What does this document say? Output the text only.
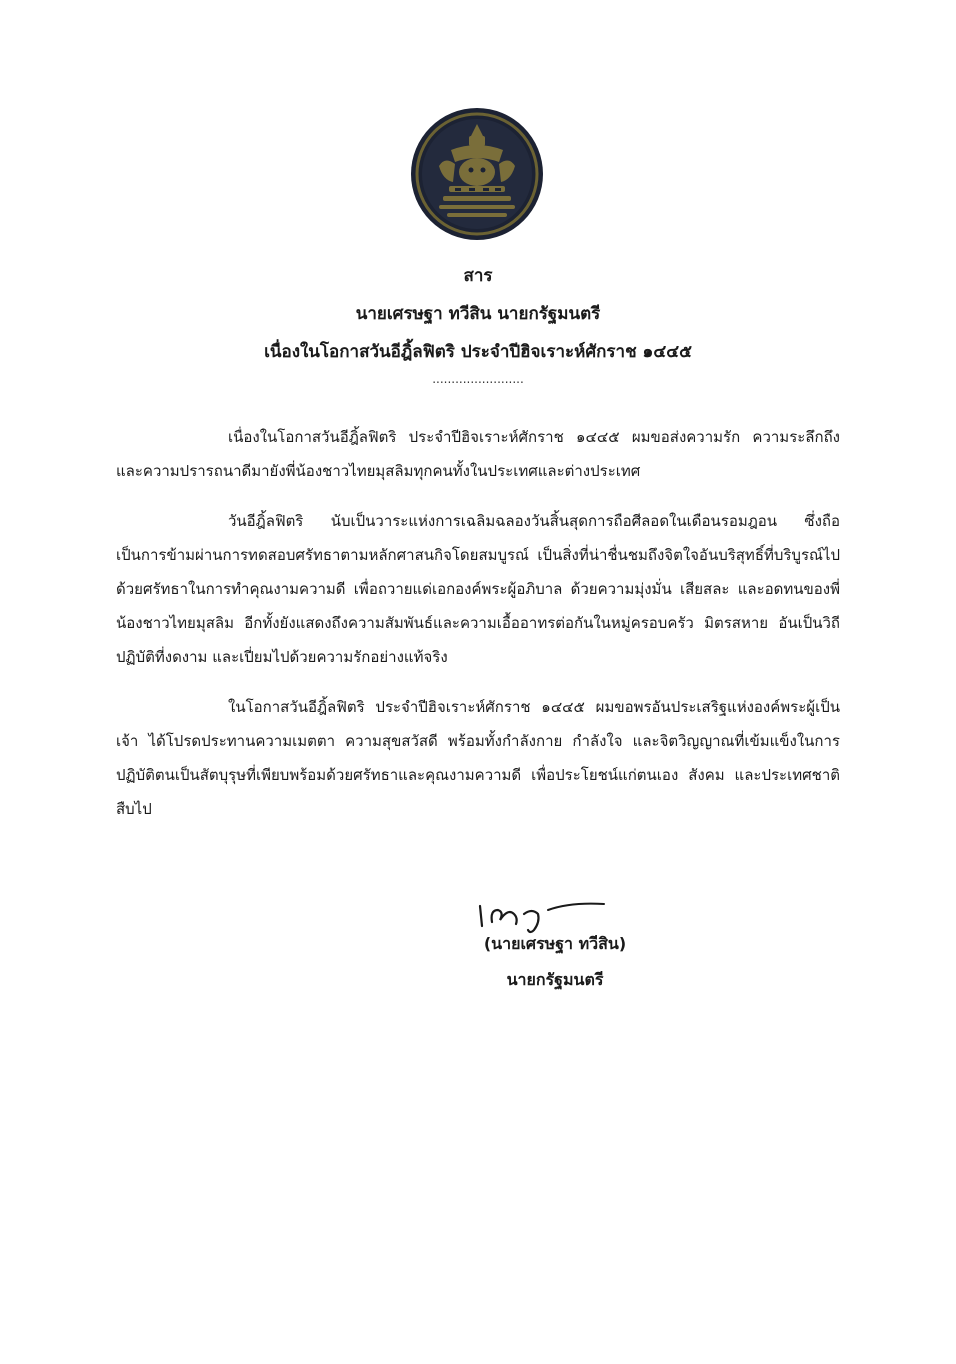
สาร
นายเศรษฐา ทวีสิน นายกรัฐมนตรี
เนื่องในโอกาสวันอีฎิ้ลฟิตริ ประจำปีฮิจเราะห์ศักราช ๑๔๔๕
........................

เนื่องในโอกาสวันอีฎิ้ลฟิตริ ประจำปีฮิจเราะห์ศักราช ๑๔๔๕ ผมขอส่งความรัก ความระลึกถึง และความปรารถนาดีมายังพี่น้องชาวไทยมุสลิมทุกคนทั้งในประเทศและต่างประเทศ

วันอีฎิ้ลฟิตริ นับเป็นวาระแห่งการเฉลิมฉลองวันสิ้นสุดการถือศีลอดในเดือนรอมฎอน ซึ่งถือเป็นการข้ามผ่านการทดสอบศรัทธาตามหลักศาสนกิจโดยสมบูรณ์ เป็นสิ่งที่น่าชื่นชมถึงจิตใจอันบริสุทธิ์ที่บริบูรณ์ไปด้วยศรัทธาในการทำคุณงามความดี เพื่อถวายแด่เอกองค์พระผู้อภิบาล ด้วยความมุ่งมั่น เสียสละ และอดทนของพี่น้องชาวไทยมุสลิม อีกทั้งยังแสดงถึงความสัมพันธ์และความเอื้ออาทรต่อกันในหมู่ครอบครัว มิตรสหาย อันเป็นวิถีปฏิบัติที่งดงาม และเปี่ยมไปด้วยความรักอย่างแท้จริง

ในโอกาสวันอีฎิ้ลฟิตริ ประจำปีฮิจเราะห์ศักราช ๑๔๔๕ ผมขอพรอันประเสริฐแห่งองค์พระผู้เป็นเจ้า ได้โปรดประทานความเมตตา ความสุขสวัสดี พร้อมทั้งกำลังกาย กำลังใจ และจิตวิญญาณที่เข้มแข็งในการปฏิบัติตนเป็นสัตบุรุษที่เพียบพร้อมด้วยศรัทธาและคุณงามความดี เพื่อประโยชน์แก่ตนเอง สังคม และประเทศชาติสืบไป

(นายเศรษฐา ทวีสิน)
นายกรัฐมนตรี
